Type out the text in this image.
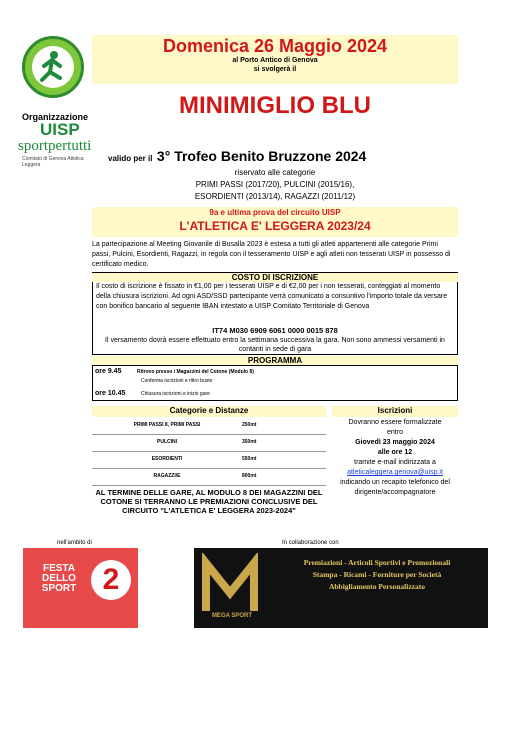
Organizzazione
UISP
sportpertutti
Comitato di Genova Atletica Leggera
Domenica 26 Maggio 2024
al Porto Antico di Genova
si svolgerà il
MINIMIGLIO BLU
valido per il 3° Trofeo Benito Bruzzone 2024
riservato alle categorie
PRIMI PASSI (2017/20), PULCINI (2015/16),
ESORDIENTI (2013/14), RAGAZZI (2011/12)
9a e ultima prova del circuito UISP
L'ATLETICA E' LEGGERA 2023/24
La partecipazione al Meeting Giovanile di Busalla 2023 è estesa a tutti gli atleti appartenenti alle categorie Primi passi, Pulcini, Esordienti, Ragazzi, in regola con il tesseramento UISP e agli atleti non tesserati UISP in possesso di certificato medico.
COSTO DI ISCRIZIONE
Il costo di iscrizione è fissato in €1,00 per i tesserati UISP e di €2,00 per i non tesserati, conteggiati al momento della chiusura iscrizioni. Ad ogni ASD/SSD partecipante verrà comunicato a consuntivo l'importo totale da versare con bonifico bancario al seguente IBAN intestato a UISP Comitato Territoriale di Genova
IT74 M030 6909 6061 0000 0015 878
Il versamento dovrà essere effettuato entro la settimana successiva la gara. Non sono ammessi versamenti in contanti in sede di gara
PROGRAMMA
ore 9.45	Ritrovo presso i Magazzini del Cotone (Modulo 8)
Conferma iscrizioni e ritiro buste
ore 10.45	Chiusura iscrizioni e inizio gare
Categorie e Distanze
PRIMI PASSI 8, PRIMI PASSI	250mt
PULCINI	350mt
ESORDIENTI	550mt
RAGAZZI/E	800mt
AL TERMINE DELLE GARE, AL MODULO 8 DEI MAGAZZINI DEL COTONE SI TERRANNO LE PREMIAZIONI CONCLUSIVE DEL CIRCUITO "L'ATLETICA E' LEGGERA 2023-2024"
Iscrizioni
Dovranno essere formalizzate
entro
Giovedì 23 maggio 2024
alle ore 12
tramite e-mail indirizzata a
atleticaleggera.genova@uisp.it
indicando un recapito telefonico del dirigente/accompagnatore
nell'ambito di	In collaborazione con
FESTA DELLO SPORT 2
MEGA SPORT
Premiazioni - Articoli Sportivi e Promozionali
Stampa - Ricami - Forniture per Società
Abbigliamento Personalizzato
